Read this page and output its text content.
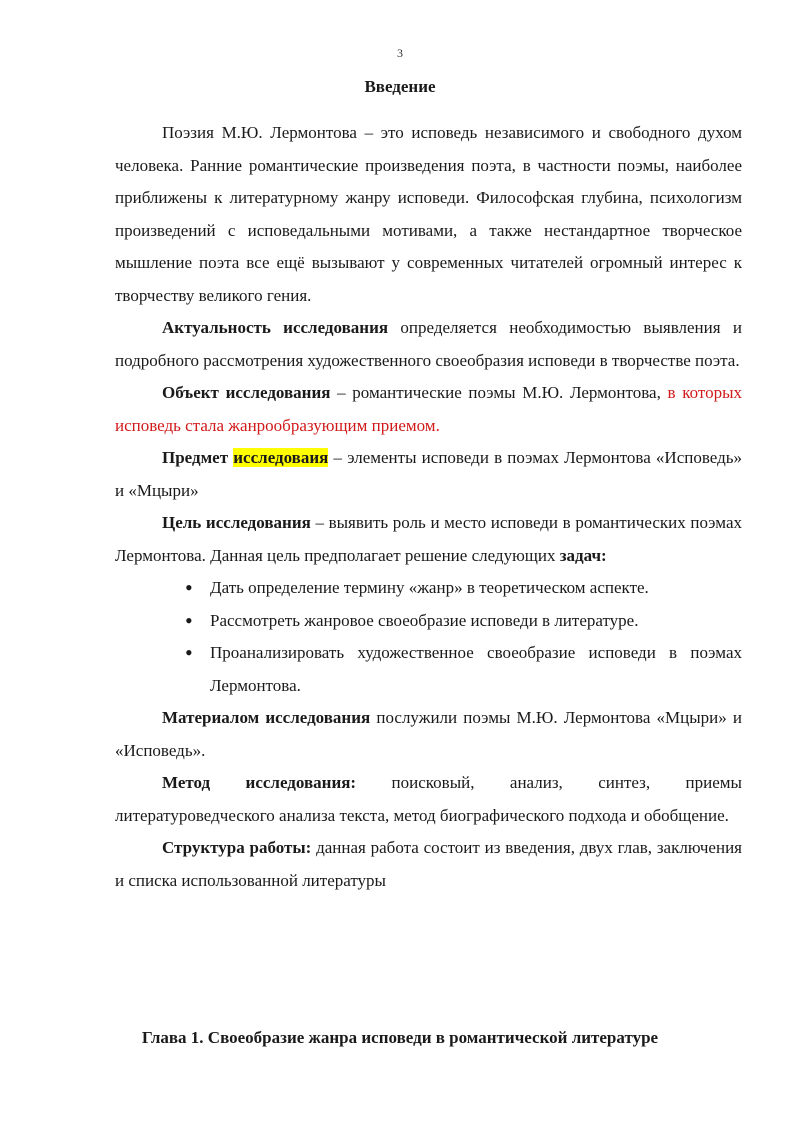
3
Введение

Поэзия М.Ю. Лермонтова – это исповедь независимого и свободного духом человека. Ранние романтические произведения поэта, в частности поэмы, наиболее приближены к литературному жанру исповеди. Философская глубина, психологизм произведений с исповедальными мотивами, а также нестандартное творческое мышление поэта все ещё вызывают у современных читателей огромный интерес к творчеству великого гения.

Актуальность исследования определяется необходимостью выявления и подробного рассмотрения художественного своеобразия исповеди в творчестве поэта.

Объект исследования – романтические поэмы М.Ю. Лермонтова, в которых исповедь стала жанрообразующим приемом.

Предмет исследоваия – элементы исповеди в поэмах Лермонтова «Исповедь» и «Мцыри»

Цель исследования – выявить роль и место исповеди в романтических поэмах Лермонтова. Данная цель предполагает решение следующих задач:

• Дать определение термину «жанр» в теоретическом аспекте.
• Рассмотреть жанровое своеобразие исповеди в литературе.
• Проанализировать художественное своеобразие исповеди в поэмах Лермонтова.

Материалом исследования послужили поэмы М.Ю. Лермонтова «Мцыри» и «Исповедь».

Метод исследования: поисковый, анализ, синтез, приемы литературоведческого анализа текста, метод биографического подхода и обобщение.

Структура работы: данная работа состоит из введения, двух глав, заключения и списка использованной литературы

Глава 1. Своеобразие жанра исповеди в романтической литературе
